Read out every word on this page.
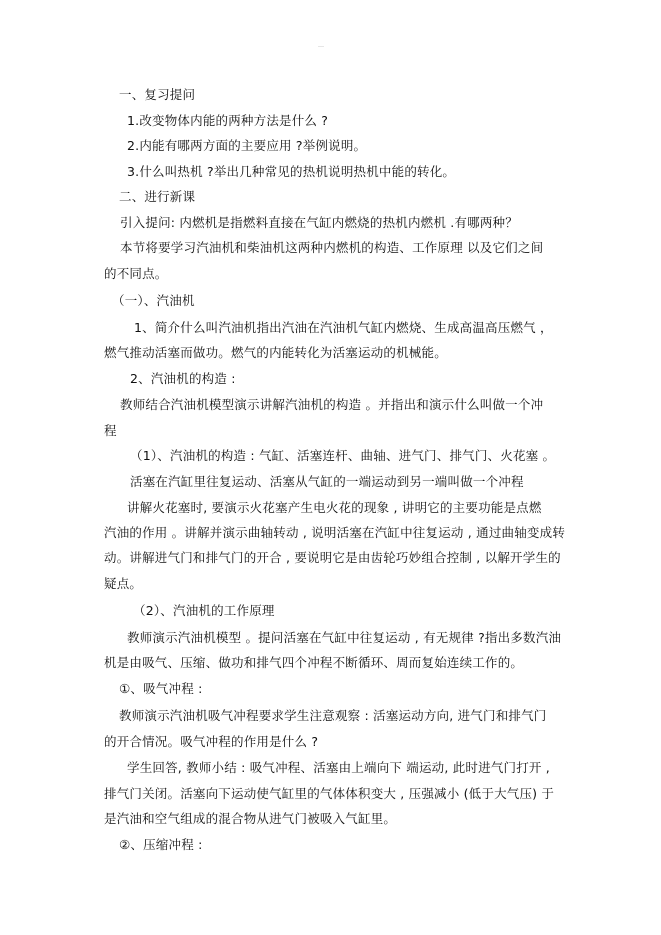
一、复习提问
1.改变物体内能的两种方法是什么 ?
2.内能有哪两方面的主要应用 ?举例说明。
3.什么叫热机 ?举出几种常见的热机说明热机中能的转化。
二、进行新课
引入提问: 内燃机是指燃料直接在气缸内燃烧的热机内燃机 .有哪两种？
本节将要学习汽油机和柴油机这两种内燃机的构造、工作原理 以及它们之间
的不同点。
（一）、汽油机
1、简介什么叫汽油机指出汽油在汽油机气缸内燃烧、生成高温高压燃气 ，
燃气推动活塞而做功。燃气的内能转化为活塞运动的机械能。
2、汽油机的构造 :
教师结合汽油机模型演示讲解汽油机的构造 。并指出和演示什么叫做一个冲
程
（1）、汽油机的构造 : 气缸、活塞连杆、曲轴、进气门、排气门、火花塞 。
活塞在汽缸里往复运动、活塞从气缸的一端运动到另一端叫做一个冲程
讲解火花塞时, 要演示火花塞产生电火花的现象 , 讲明它的主要功能是点燃
汽油的作用 。讲解并演示曲轴转动 , 说明活塞在汽缸中往复运动 , 通过曲轴变成转
动。讲解进气门和排气门的开合 , 要说明它是由齿轮巧妙组合控制 , 以解开学生的
疑点。
（2）、汽油机的工作原理
教师演示汽油机模型 。提问活塞在气缸中往复运动 , 有无规律 ?指出多数汽油
机是由吸气、压缩、做功和排气四个冲程不断循环、周而复始连续工作的。
①、吸气冲程 :
教师演示汽油机吸气冲程要求学生注意观察 : 活塞运动方向, 进气门和排气门
的开合情况。吸气冲程的作用是什么 ?
学生回答, 教师小结 : 吸气冲程、活塞由上端向下 端运动, 此时进气门打开 ,
排气门关闭。活塞向下运动使气缸里的气体体积变大 , 压强减小 (低于大气压) 于
是汽油和空气组成的混合物从进气门被吸入气缸里。
②、压缩冲程 :
